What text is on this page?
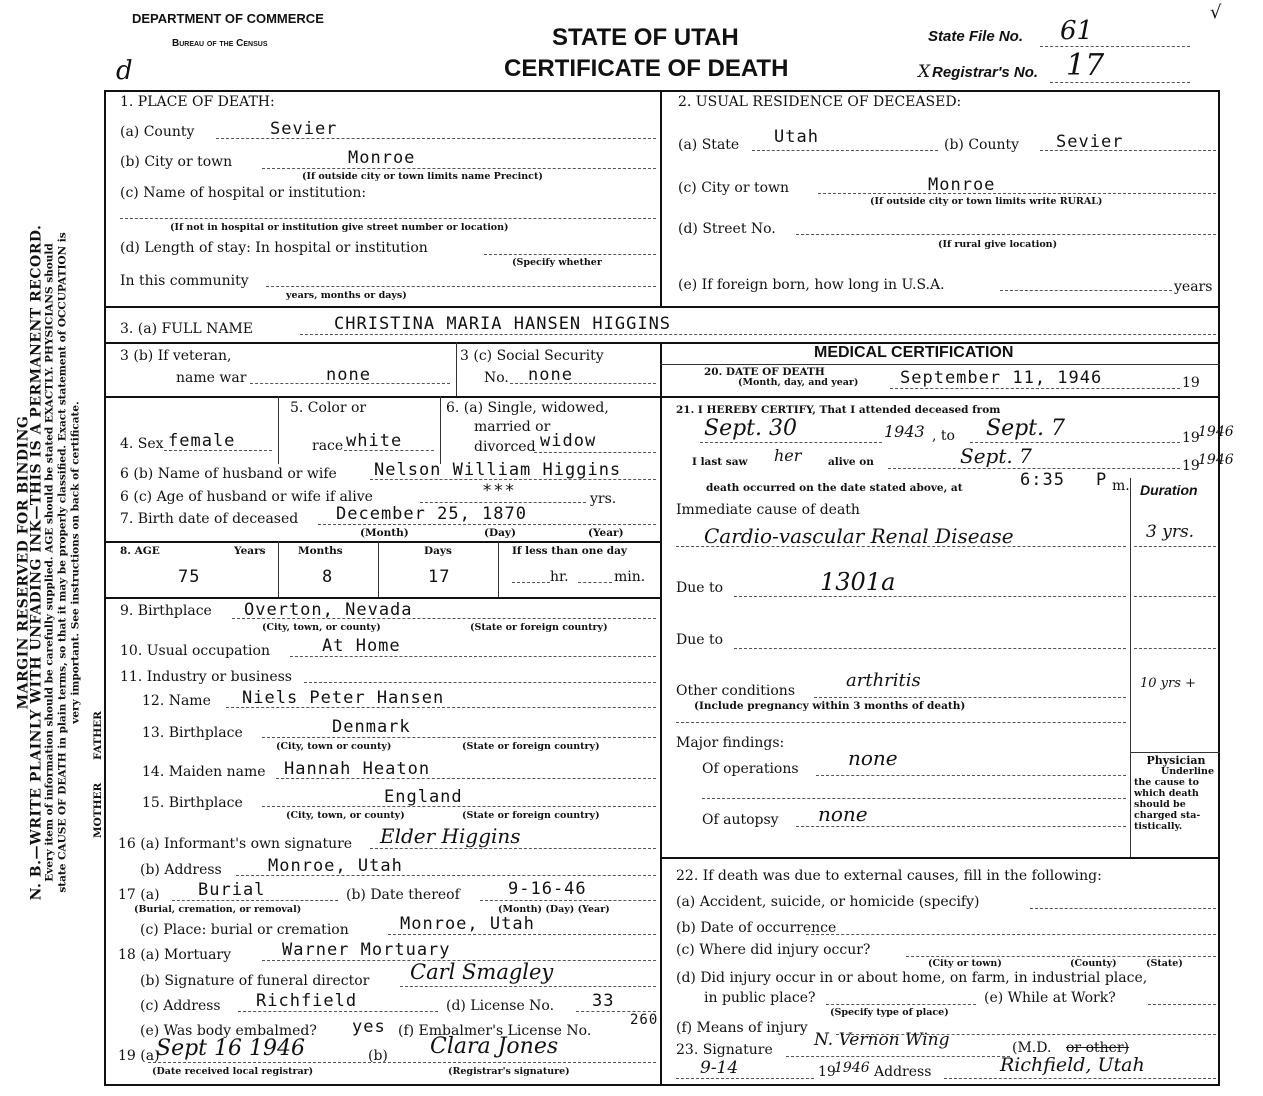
MARGIN RESERVED FOR BINDING
N. B.—WRITE PLAINLY WITH UNFADING INK—THIS IS A PERMANENT RECORD. Every item of information should be carefully supplied. AGE should be stated EXACTLY. PHYSICIANS should state CAUSE OF DEATH in plain terms, so that it may be properly classified. Exact statement of OCCUPATION is very important. See instructions on back of certificate.
DEPARTMENT OF COMMERCE
Bureau of the Census	STATE OF UTAH
CERTIFICATE OF DEATH
State File No. 61
X Registrar's No. 17
√
d
1. PLACE OF DEATH:
(a) County	Sevier
(b) City or town	Monroe
(If outside city or town limits name Precinct)
(c) Name of hospital or institution:
(If not in hospital or institution give street number or location)
(d) Length of stay: In hospital or institution
(Specify whether
In this community
years, months or days)
2. USUAL RESIDENCE OF DECEASED:
(a) State Utah	(b) County Sevier
(c) City or town	Monroe
(If outside city or town limits write RURAL)
(d) Street No.
(If rural give location)
(e) If foreign born, how long in U.S.A.	years
3. (a) FULL NAME	CHRISTINA MARIA HANSEN HIGGINS
3 (b) If veteran,
name war	none
3 (c) Social Security
No. none
4. Sex female
5. Color or
race white
6. (a) Single, widowed,
married or
divorced widow
6 (b) Name of husband or wife Nelson William Higgins
6 (c) Age of husband or wife if alive	***	yrs.
7. Birth date of deceased December 25, 1870
(Month)	(Day)	(Year)
8. AGE	Years	Months	Days	If less than one day
75	8	17	hr.	min.
9. Birthplace Overton, Nevada
(City, town, or county)	(State or foreign country)
10. Usual occupation	At Home
11. Industry or business
FATHER
MOTHER
12. Name Niels Peter Hansen
13. Birthplace	Denmark
(City, town or county)	(State or foreign country)
14. Maiden name Hannah Heaton
15. Birthplace	England
(City, town, or county)	(State or foreign country)
16 (a) Informant's own signature Elder Higgins
(b) Address	Monroe, Utah
17 (a) Burial	(b) Date thereof	9-16-46
(Burial, cremation, or removal)	(Month) (Day) (Year)
(c) Place: burial or cremation	Monroe, Utah
18 (a) Mortuary	Warner Mortuary
(b) Signature of funeral director Carl Smagley
(c) Address Richfield	(d) License No. 33
(e) Was body embalmed? yes (f) Embalmer's License No.
260
19 (a)
Sept 16 1946	(b) Clara Jones
(Date received local registrar)	(Registrar's signature)
MEDICAL CERTIFICATION
20. DATE OF DEATH
(Month, day, and year) September 11, 1946	19
21. I HEREBY CERTIFY, That I attended deceased from
Sept. 30	1943 , to Sept. 7	19
1946
I last saw her	alive on	Sept. 7	19
1946
death occurred on the date stated above, at	6:35 P m. Duration
Immediate cause of death
Cardio-vascular Renal Disease	3 yrs.
Due to	1301a
Due to
Other conditions	arthritis	10 yrs +
(Include pregnancy within 3 months of death)
Major findings:
Of operations none
Of autopsy none
Physician
Underline
the cause to
which death
should be
charged sta-
tistically.
22. If death was due to external causes, fill in the following:
(a) Accident, suicide, or homicide (specify)
(b) Date of occurrence
(c) Where did injury occur?
(City or town)	(County)	(State)
(d) Did injury occur in or about home, on farm, in industrial place,
in public place?	(e) While at Work?
(Specify type of place)
(f) Means of injury
23. Signature N. Vernon Wing	(M.D. or other)
9-14	19
1946 Address	Richfield, Utah
